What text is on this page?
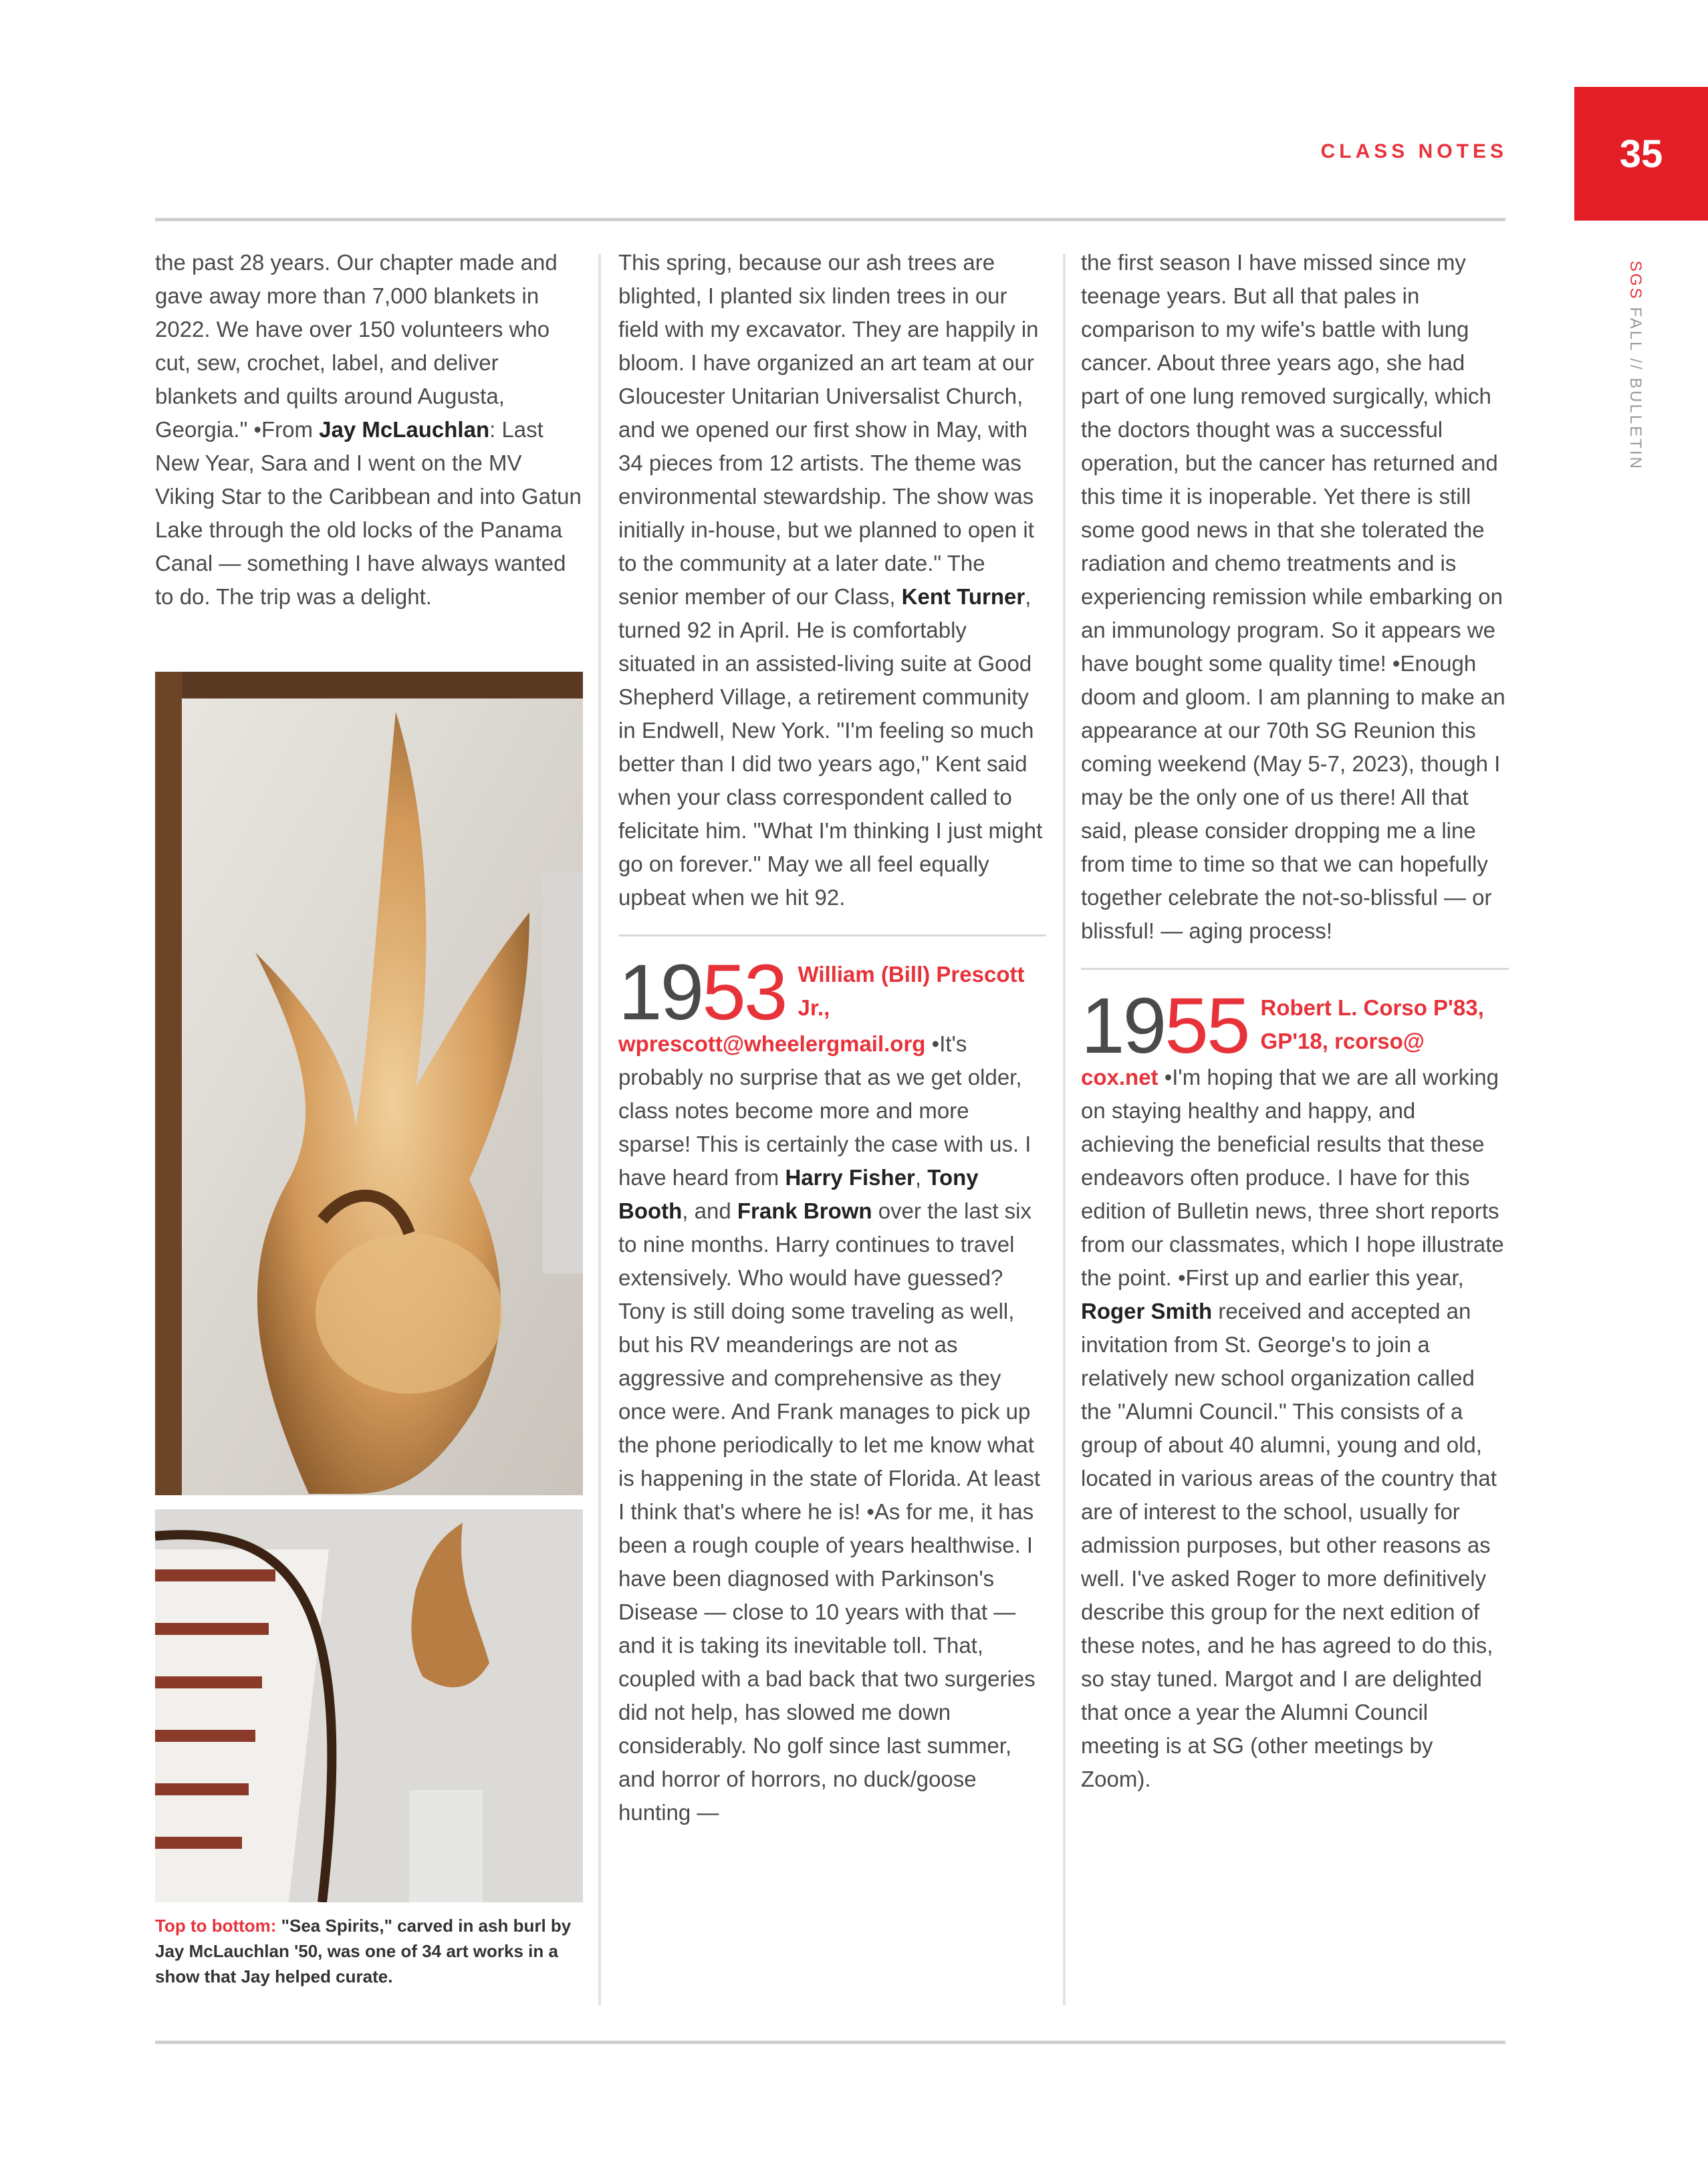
CLASS NOTES	35
SGS FALL // BULLETIN

the past 28 years. Our chapter made and gave away more than 7,000 blankets in 2022. We have over 150 volunteers who cut, sew, crochet, label, and deliver blankets and quilts around Augusta, Georgia." •From Jay McLauchlan: Last New Year, Sara and I went on the MV Viking Star to the Caribbean and into Gatun Lake through the old locks of the Panama Canal — something I have always wanted to do. The trip was a delight.

Top to bottom: "Sea Spirits," carved in ash burl by Jay McLauchlan '50, was one of 34 art works in a show that Jay helped curate.

This spring, because our ash trees are blighted, I planted six linden trees in our field with my excavator. They are happily in bloom. I have organized an art team at our Gloucester Unitarian Universalist Church, and we opened our first show in May, with 34 pieces from 12 artists. The theme was environmental stewardship. The show was initially in-house, but we planned to open it to the community at a later date." The senior member of our Class, Kent Turner, turned 92 in April. He is comfortably situated in an assisted-living suite at Good Shepherd Village, a retirement community in Endwell, New York. "I'm feeling so much better than I did two years ago," Kent said when your class correspondent called to felicitate him. "What I'm thinking I just might go on forever." May we all feel equally upbeat when we hit 92.

1953 William (Bill) Prescott Jr.,

wprescott@wheelergmail.org •It's probably no surprise that as we get older, class notes become more and more sparse! This is certainly the case with us. I have heard from Harry Fisher, Tony Booth, and Frank Brown over the last six to nine months. Harry continues to travel extensively. Who would have guessed? Tony is still doing some traveling as well, but his RV meanderings are not as aggressive and comprehensive as they once were. And Frank manages to pick up the phone periodically to let me know what is happening in the state of Florida. At least I think that's where he is! •As for me, it has been a rough couple of years healthwise. I have been diagnosed with Parkinson's Disease — close to 10 years with that — and it is taking its inevitable toll. That, coupled with a bad back that two surgeries did not help, has slowed me down considerably. No golf since last summer, and horror of horrors, no duck/goose hunting —

the first season I have missed since my teenage years. But all that pales in comparison to my wife's battle with lung cancer. About three years ago, she had part of one lung removed surgically, which the doctors thought was a successful operation, but the cancer has returned and this time it is inoperable. Yet there is still some good news in that she tolerated the radiation and chemo treatments and is experiencing remission while embarking on an immunology program. So it appears we have bought some quality time! •Enough doom and gloom. I am planning to make an appearance at our 70th SG Reunion this coming weekend (May 5-7, 2023), though I may be the only one of us there! All that said, please consider dropping me a line from time to time so that we can hopefully together celebrate the not-so-blissful — or blissful! — aging process!

1955 Robert L. Corso P'83, GP'18, rcorso@

cox.net •I'm hoping that we are all working on staying healthy and happy, and achieving the beneficial results that these endeavors often produce. I have for this edition of Bulletin news, three short reports from our classmates, which I hope illustrate the point. •First up and earlier this year, Roger Smith received and accepted an invitation from St. George's to join a relatively new school organization called the "Alumni Council." This consists of a group of about 40 alumni, young and old, located in various areas of the country that are of interest to the school, usually for admission purposes, but other reasons as well. I've asked Roger to more definitively describe this group for the next edition of these notes, and he has agreed to do this, so stay tuned. Margot and I are delighted that once a year the Alumni Council meeting is at SG (other meetings by Zoom).
